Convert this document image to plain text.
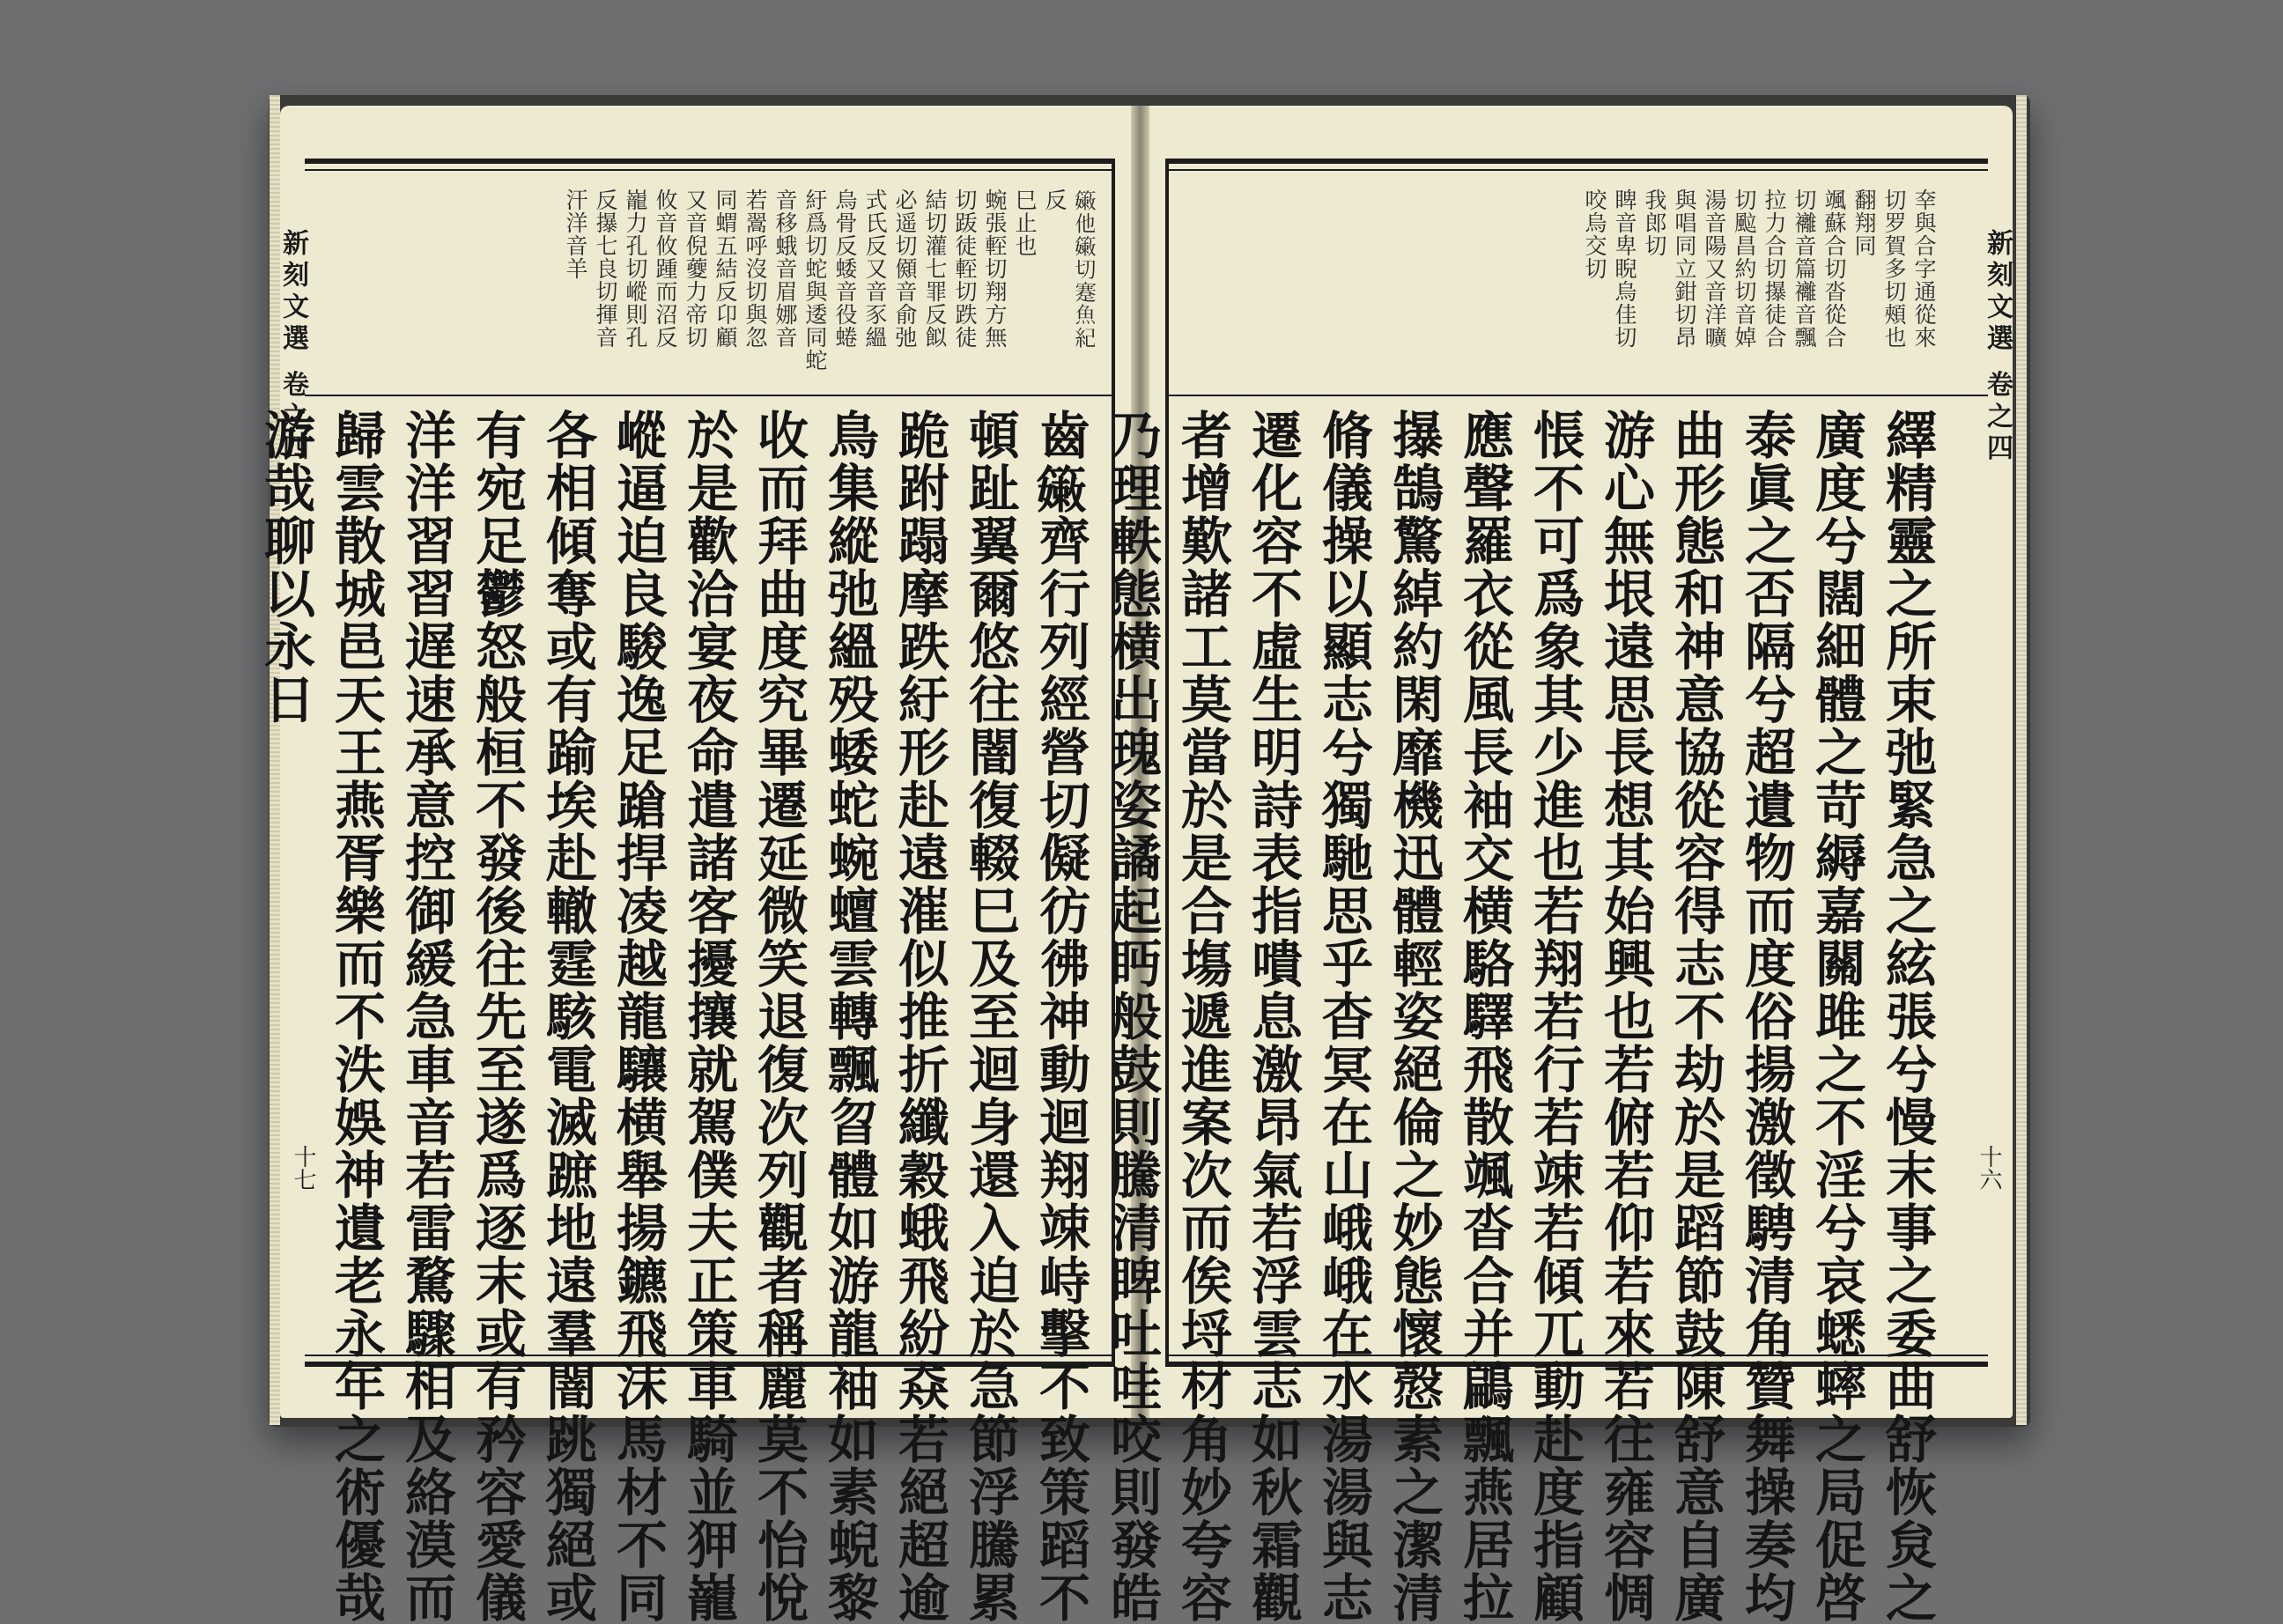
新刻文選 卷之四
十七
𥶄他𥶄切蹇魚紀
反
巳止也
蜿張䡖切翔方無
切䟦徒䡖切跌徒
結切灌七罪反䬮
必遥切䫛音俞弛
式氏反又音豕縕
烏骨反蜲音役蜷
紆爲切蛇與逶同蛇
音移蛾音眉娜音
若翯呼沒切與忽
同蝟五結反卬顧
又音倪䕫力帝切
攸音攸踵而沼反
巃力孔切嵷則孔
反㩧七良切揮音
汗洋音羊
齒𥶄齊行列經營切儗彷彿神動迴翔竦峙擊不致策蹈不
頓趾翼爾悠往闇復輟巳及至迴身還入迫於急節浮騰累
跪跗蹋摩跌紆形赴遠漼似推折纖穀蛾飛紛猋若絕超逾
鳥集縱弛縕殁蜲蛇蜿蟺雲轉飄曶體如游龍袖如素蜺黎
收而拜曲度究畢遷延微笑退復次列觀者稱麗莫不怡悅
於是歡洽宴夜命遣諸客擾攘就駕僕夫正策車騎並狎巃
嵷逼迫良駿逸足蹌捍凌越龍驤横舉揚鑣飛沫馬材不同
各相傾奪或有踰埃赴轍霆駭電滅蹠地遠羣闇跳獨絕或
有宛足鬱怒般桓不發後往先至遂爲逐末或有矜容愛儀
洋洋習習遅速承意控御緩急車音若雷騖驟相及絡漠而
歸雲散城邑天王燕胥樂而不泆娛神遺老永年之術優哉
游哉聊以永日
新刻文選 卷之四
十六
㚔與合字通從來
切罗賀多切頰也
翻翔同
颯蘇合切沓從合
切䙰音篇䙰音飄
拉力合切㩧徒合
切䬃昌約切音婥
湯音陽又音洋曠
與唱同立鉗切昂
我郎切
睥音卑睨烏佳切
咬烏交切
繹精靈之所束弛緊急之絃張兮慢末事之委曲舒恢炱之
廣度兮闊細體之苛縟嘉關雎之不淫兮哀蟋蟀之局促啓
泰眞之否隔兮超遺物而度俗揚激徵騁清角贊舞操奏均
曲形態和神意協從容得志不劫於是蹈節鼓陳舒意自廣
游心無垠遠思長想其始興也若俯若仰若來若往雍容惆
悵不可爲象其少進也若翔若行若竦若傾兀動赴度指顧
應聲羅衣從風長袖交横駱驛飛散颯沓合并鶣飄燕居拉
㩧鵠驚綽約閑靡機迅體輕姿絕倫之妙態懷慤素之潔清
脩儀操以顯志兮獨馳思乎杳冥在山峨峨在水湯湯與志
遷化容不虛生明詩表指嘳息激昂氣若浮雲志如秋霜觀
者增歎諸工莫當於是合塲遞進案次而俟埒材角妙夸容
乃理軼態横出瑰姿譎起眄般鼓則騰清睥吐哇咬則發皓
